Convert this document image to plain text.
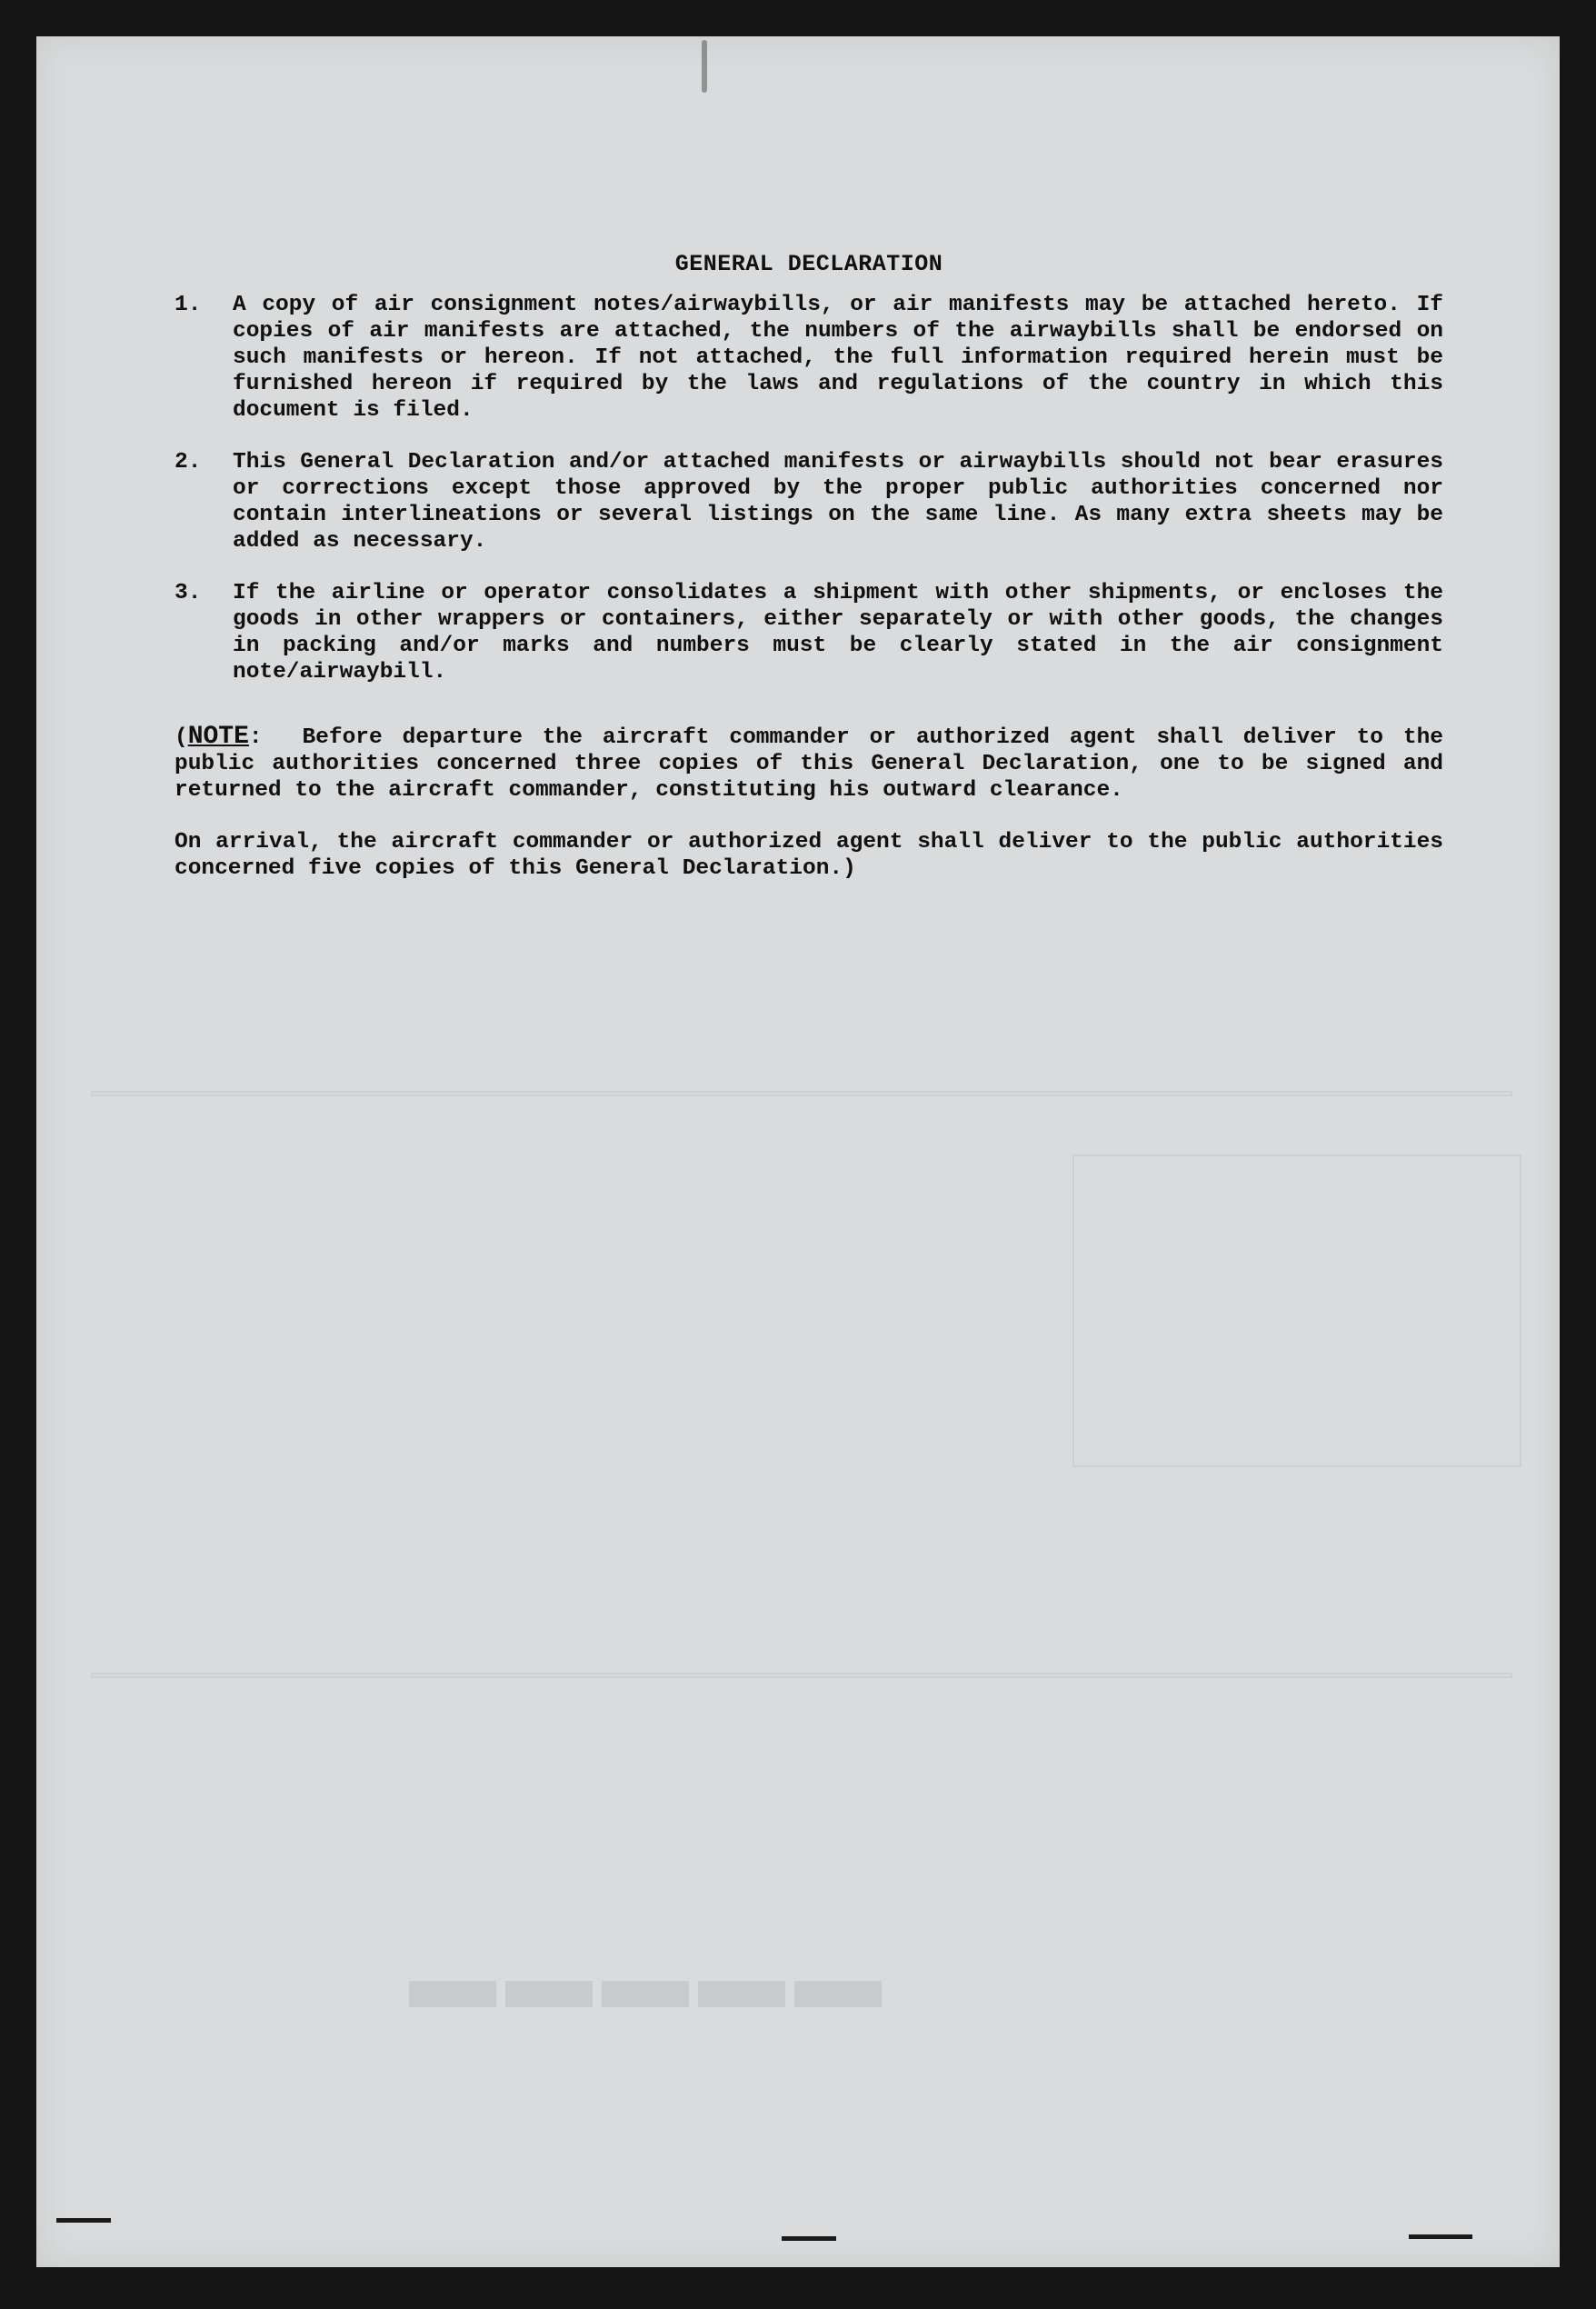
▬▬▬▬▬
GENERAL DECLARATION
1.	A copy of air consignment notes/airwaybills, or air manifests may be attached hereto. If copies of air manifests are attached, the numbers of the airwaybills shall be endorsed on such manifests or hereon. If not attached, the full information required herein must be furnished hereon if required by the laws and regulations of the country in which this document is filed.
2.	This General Declaration and/or attached manifests or airwaybills should not bear erasures or corrections except those approved by the proper public authorities concerned nor contain interlineations or several listings on the same line. As many extra sheets may be added as necessary.
3.	If the airline or operator consolidates a shipment with other shipments, or encloses the goods in other wrappers or containers, either separately or with other goods, the changes in packing and/or marks and numbers must be clearly stated in the air consignment note/airwaybill.
(NOTE: Before departure the aircraft commander or authorized agent shall deliver to the public authorities concerned three copies of this General Declaration, one to be signed and returned to the aircraft commander, constituting his outward clearance.
On arrival, the aircraft commander or authorized agent shall deliver to the public authorities concerned five copies of this General Declaration.)
